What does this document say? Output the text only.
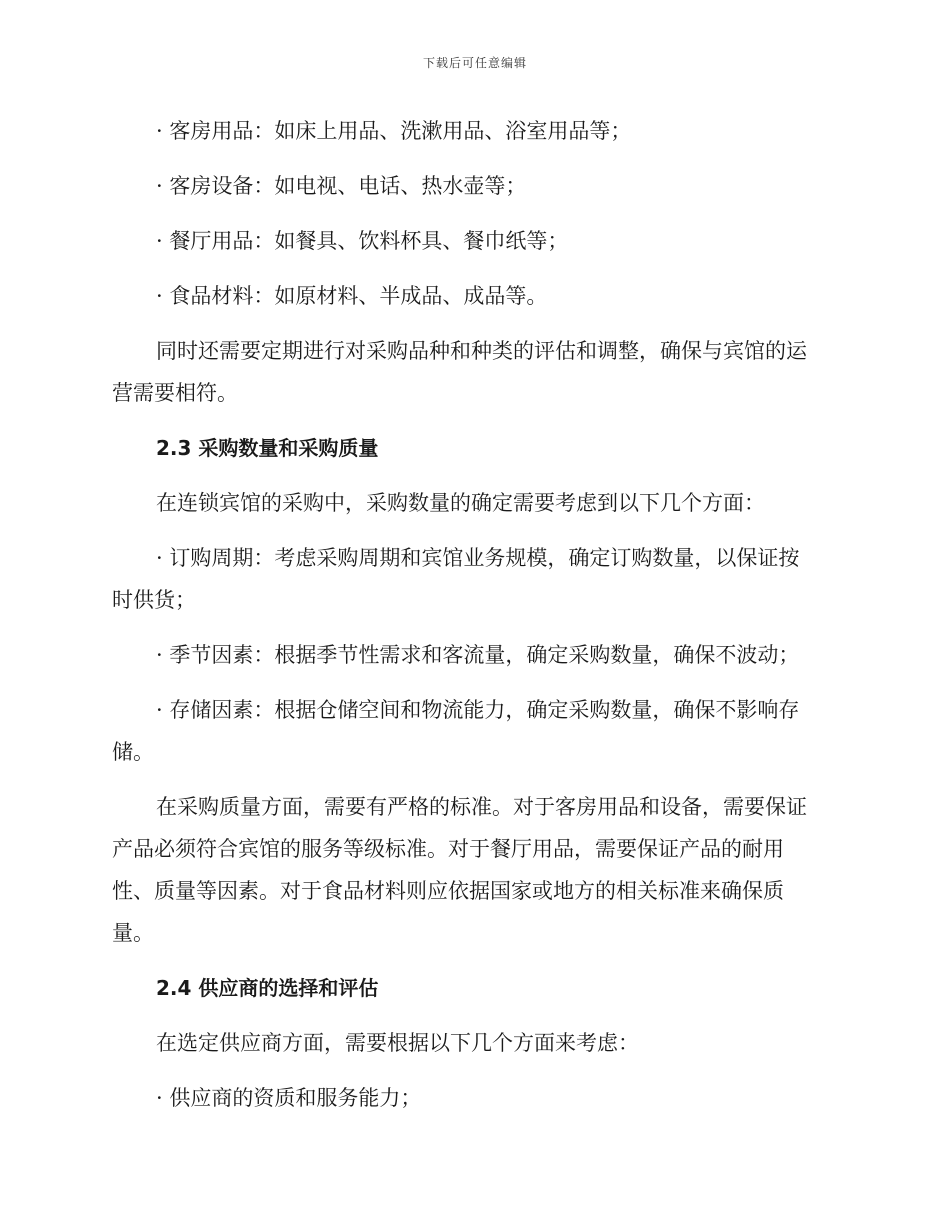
下载后可任意编辑

· 客房用品：如床上用品、洗漱用品、浴室用品等；

· 客房设备：如电视、电话、热水壶等；

· 餐厅用品：如餐具、饮料杯具、餐巾纸等；

· 食品材料：如原材料、半成品、成品等。

同时还需要定期进行对采购品种和种类的评估和调整，确保与宾馆的运
营需要相符。

2.3 采购数量和采购质量

在连锁宾馆的采购中，采购数量的确定需要考虑到以下几个方面：

· 订购周期：考虑采购周期和宾馆业务规模，确定订购数量，以保证按
时供货；

· 季节因素：根据季节性需求和客流量，确定采购数量，确保不波动；

· 存储因素：根据仓储空间和物流能力，确定采购数量，确保不影响存
储。
在采购质量方面，需要有严格的标准。对于客房用品和设备，需要保证
产品必须符合宾馆的服务等级标准。对于餐厅用品，需要保证产品的耐用
性、质量等因素。对于食品材料则应依据国家或地方的相关标准来确保质
量。

2.4 供应商的选择和评估

在选定供应商方面，需要根据以下几个方面来考虑：

· 供应商的资质和服务能力；
